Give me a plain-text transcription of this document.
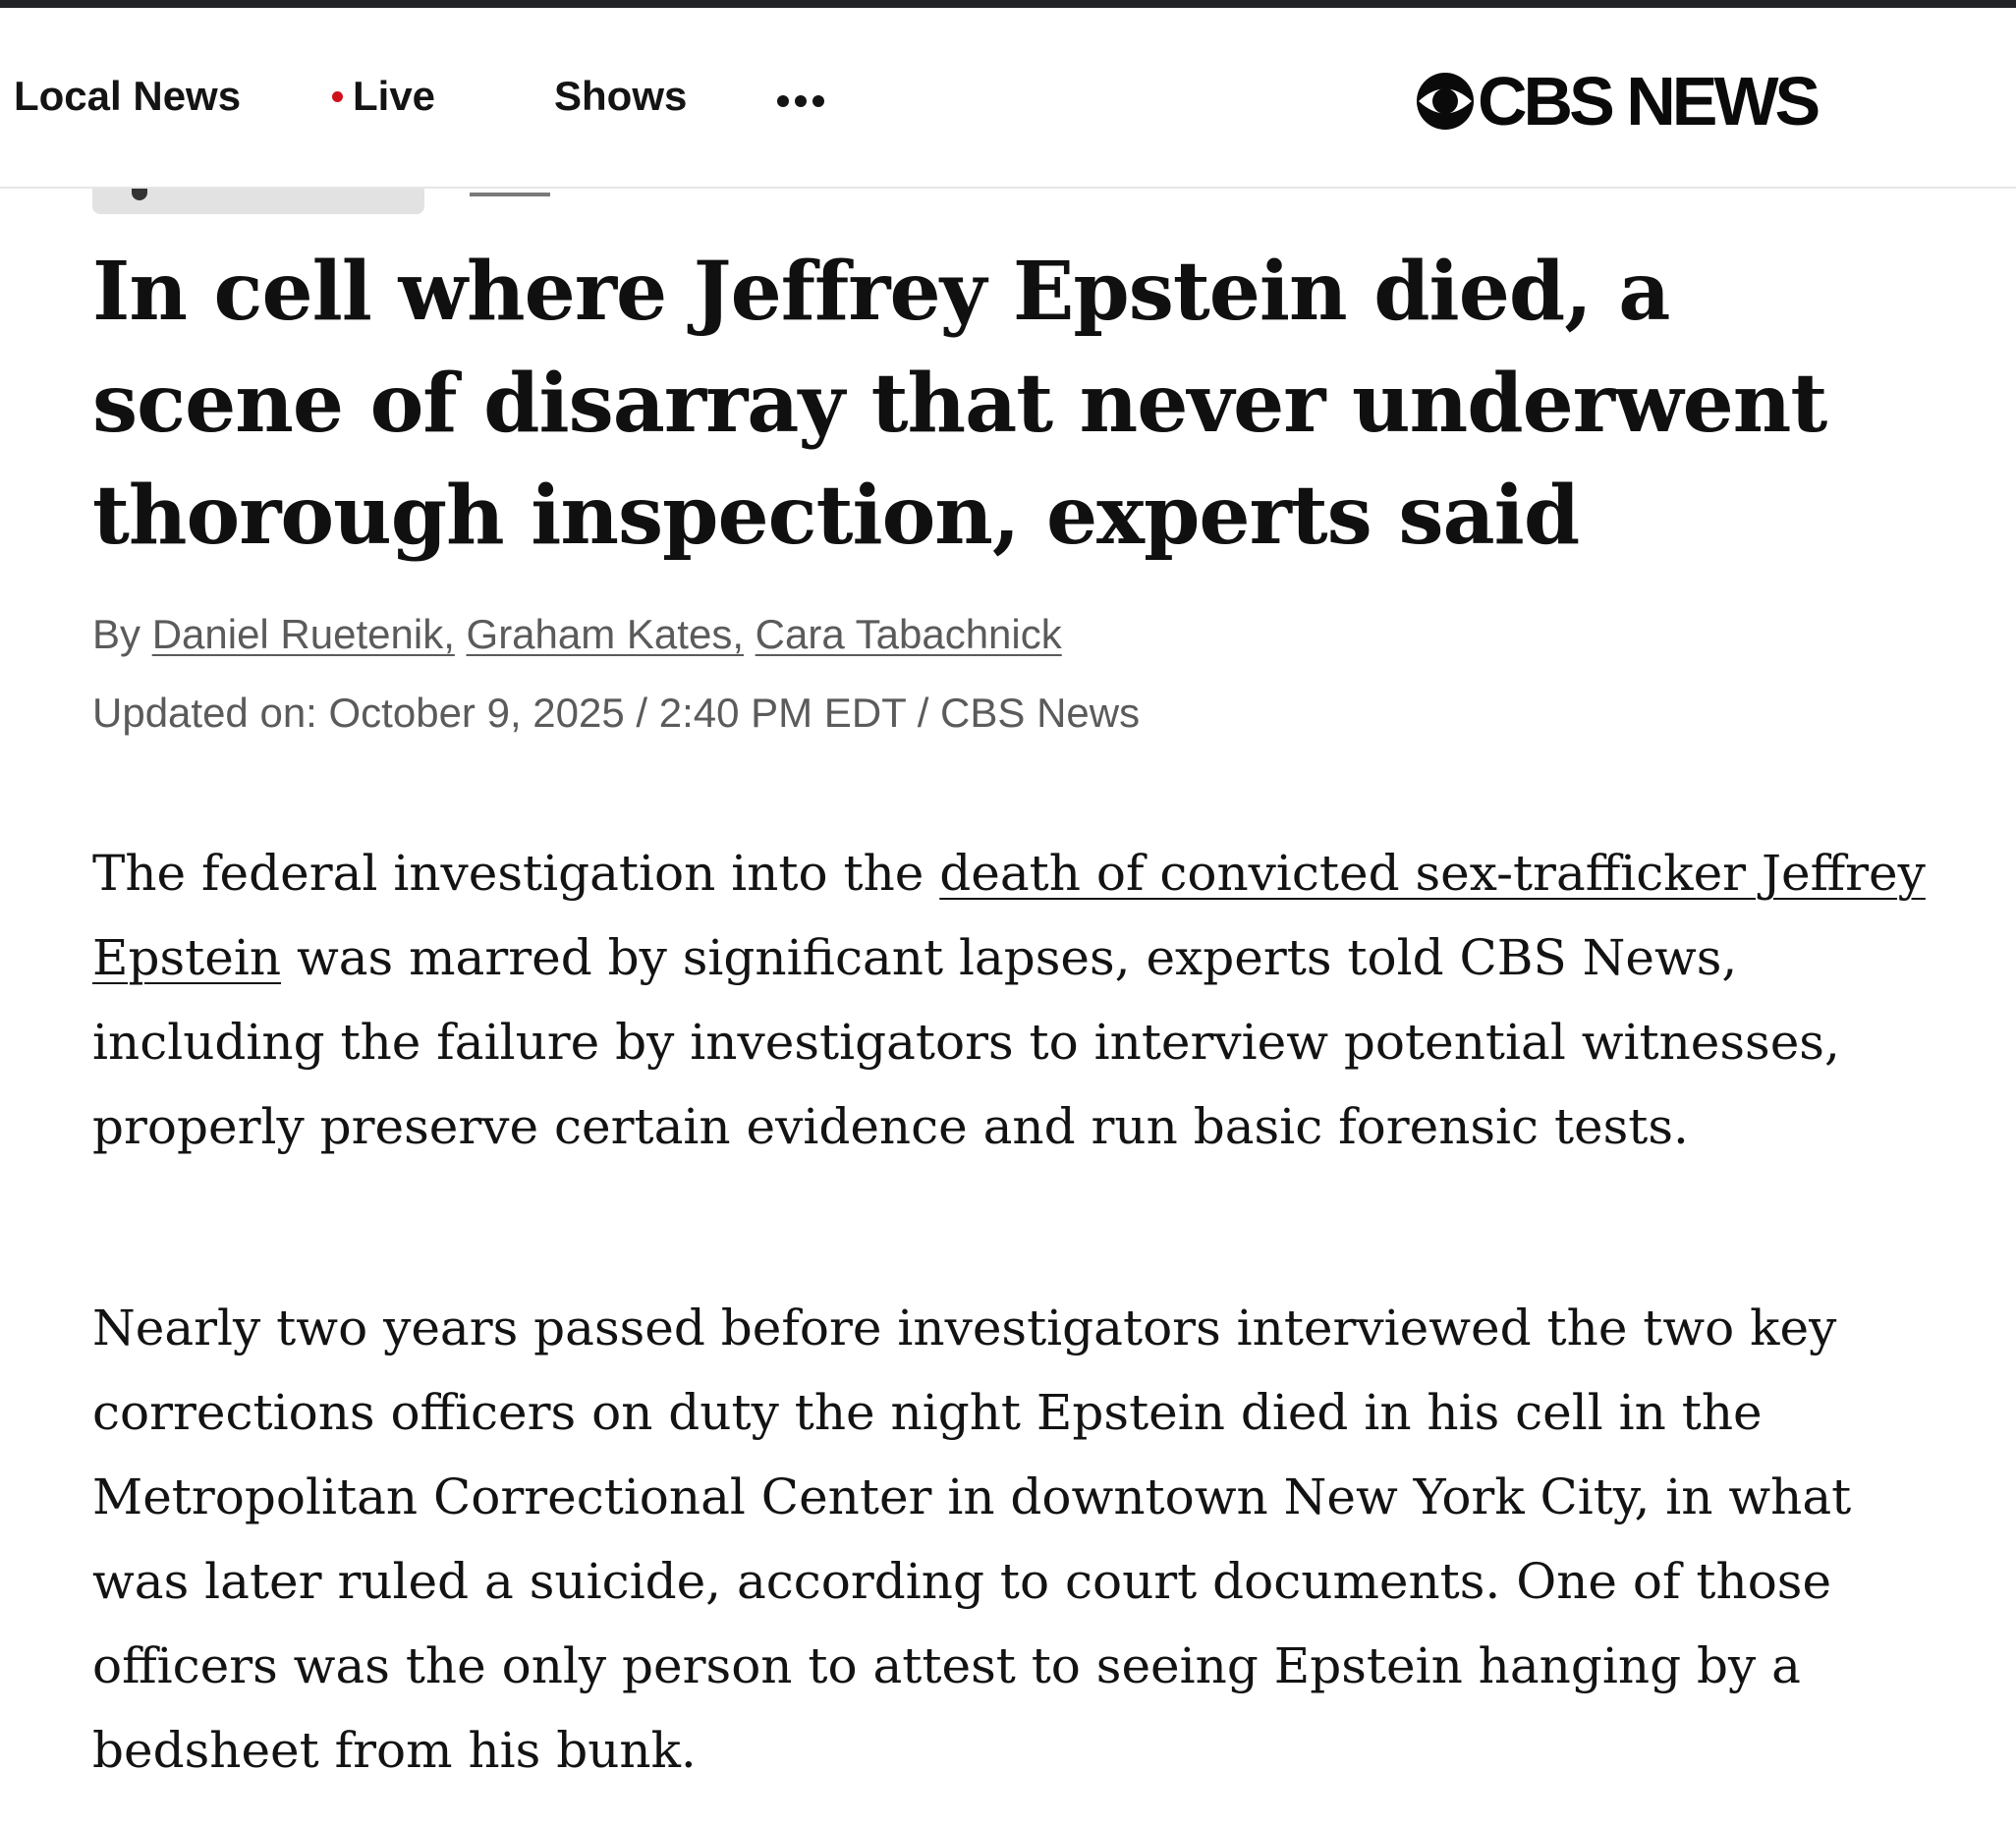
Local News	Live	Shows	CBS NEWS
In cell where Jeffrey Epstein died, a scene of disarray that never underwent thorough inspection, experts said
By Daniel Ruetenik, Graham Kates, Cara Tabachnick
Updated on: October 9, 2025 / 2:40 PM EDT / CBS News

The federal investigation into the death of convicted sex-trafficker Jeffrey Epstein was marred by significant lapses, experts told CBS News, including the failure by investigators to interview potential witnesses, properly preserve certain evidence and run basic forensic tests.

Nearly two years passed before investigators interviewed the two key corrections officers on duty the night Epstein died in his cell in the Metropolitan Correctional Center in downtown New York City, in what was later ruled a suicide, according to court documents. One of those officers was the only person to attest to seeing Epstein hanging by a bedsheet from his bunk.
